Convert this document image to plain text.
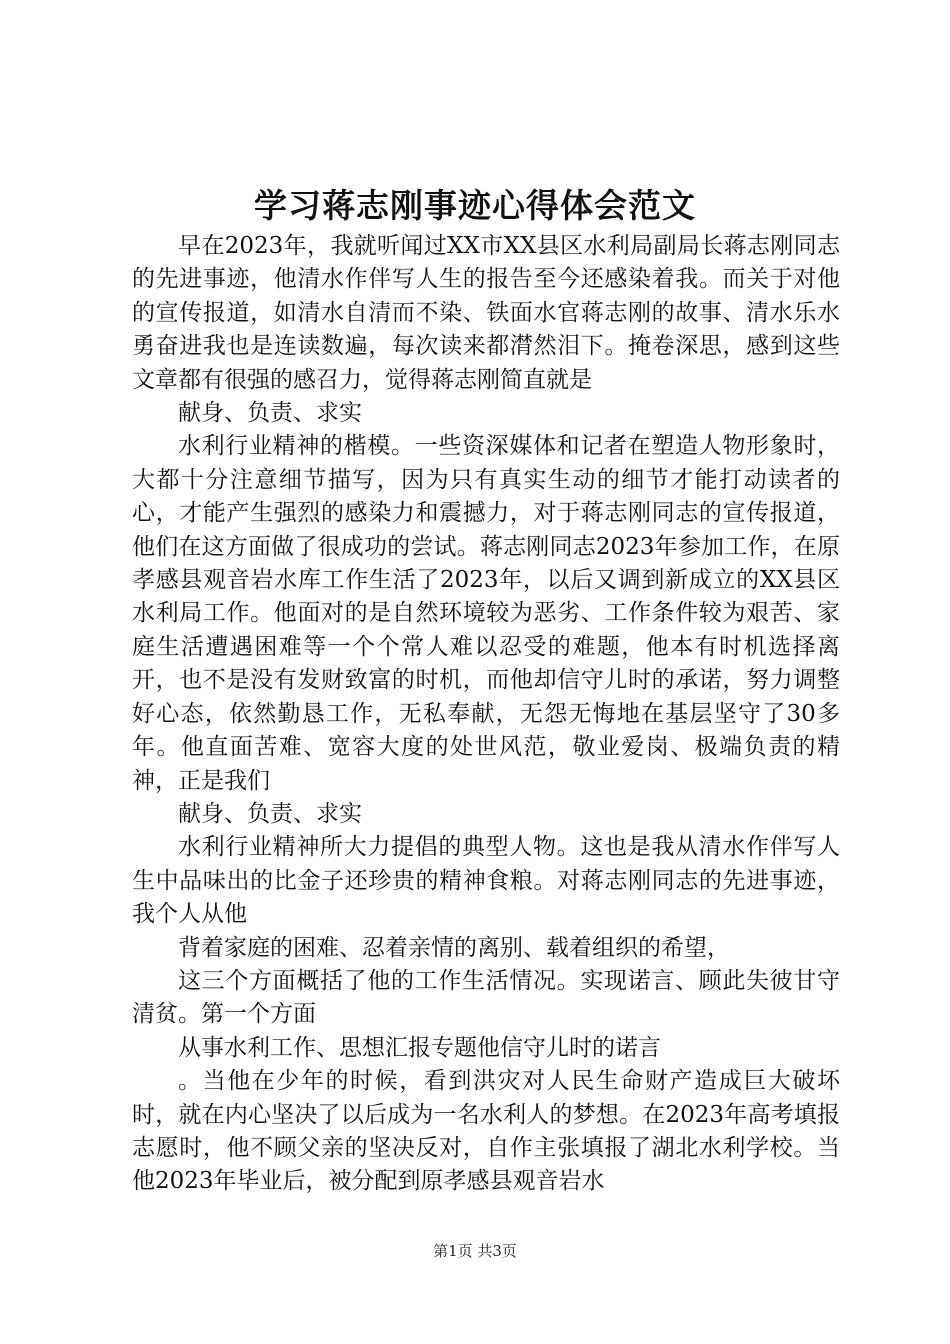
学习蒋志刚事迹心得体会范文

早在2023年，我就听闻过XX市XX县区水利局副局长蒋志刚同志的先进事迹，他清水作伴写人生的报告至今还感染着我。而关于对他的宣传报道，如清水自清而不染、铁面水官蒋志刚的故事、清水乐水勇奋进我也是连读数遍，每次读来都潸然泪下。掩卷深思，感到这些文章都有很强的感召力，觉得蒋志刚简直就是

献身、负责、求实

水利行业精神的楷模。一些资深媒体和记者在塑造人物形象时，大都十分注意细节描写，因为只有真实生动的细节才能打动读者的心，才能产生强烈的感染力和震撼力，对于蒋志刚同志的宣传报道，他们在这方面做了很成功的尝试。蒋志刚同志2023年参加工作，在原孝感县观音岩水库工作生活了2023年，以后又调到新成立的XX县区水利局工作。他面对的是自然环境较为恶劣、工作条件较为艰苦、家庭生活遭遇困难等一个个常人难以忍受的难题，他本有时机选择离开，也不是没有发财致富的时机，而他却信守儿时的承诺，努力调整好心态，依然勤恳工作，无私奉献，无怨无悔地在基层坚守了30多年。他直面苦难、宽容大度的处世风范，敬业爱岗、极端负责的精神，正是我们

献身、负责、求实

水利行业精神所大力提倡的典型人物。这也是我从清水作伴写人生中品味出的比金子还珍贵的精神食粮。对蒋志刚同志的先进事迹，我个人从他

背着家庭的困难、忍着亲情的离别、载着组织的希望，

这三个方面概括了他的工作生活情况。实现诺言、顾此失彼甘守清贫。第一个方面

从事水利工作、思想汇报专题他信守儿时的诺言

。当他在少年的时候，看到洪灾对人民生命财产造成巨大破坏时，就在内心坚决了以后成为一名水利人的梦想。在2023年高考填报志愿时，他不顾父亲的坚决反对，自作主张填报了湖北水利学校。当他2023年毕业后，被分配到原孝感县观音岩水

第1页 共3页
